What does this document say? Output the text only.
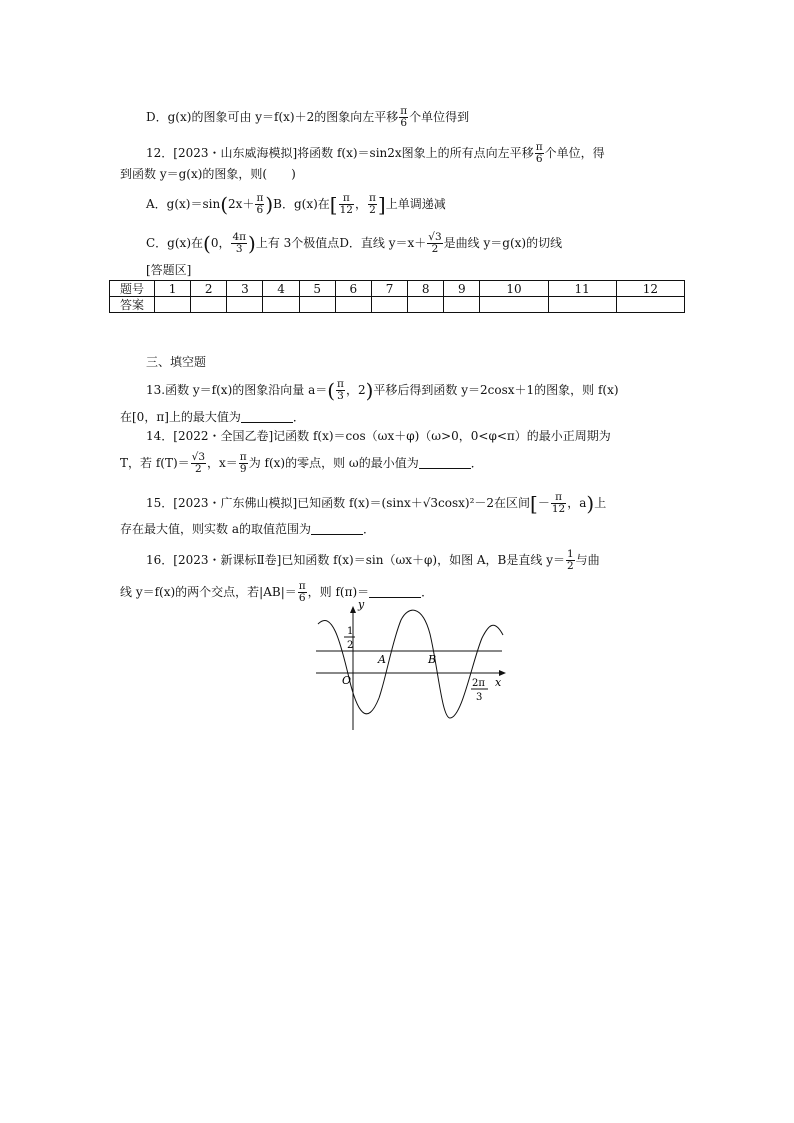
D．g(x)的图象可由 y＝f(x)＋2的图象向左平移 $\frac{\pi}{6}$ 个单位得到
12．[2023・山东威海模拟]将函数 f(x)＝sin2x图象上的所有点向左平移 $\frac{\pi}{6}$ 个单位，得
到函数 y＝g(x)的图象，则(　　)
A．$g(x)=\sin(2x+ \frac{\pi}{6} )B$．g(x)在[ $\frac{\pi}{12}$ ， $\frac{\pi}{2}$ ]上单调递减
C．g(x)在(0， $\frac{4\pi}{3}$ )上有 3个极值点D．直线 $y=x+ \frac{√3}{2}$ 是曲线 y＝g(x)的切线
[答题区]
题号	1	2	3	4	5	6	7	8	9	10	11	12
答案												
三、填空题
13.函数 y＝f(x)的图象沿向量 $a=( \frac{\pi}{3}$ ，2)平移后得到函数 y＝2cosx＋1的图象，则 f(x)
在[0，π]上的最大值为	．
14．[2022・全国乙卷]记函数 f(x)＝cos（ωx＋φ)（ω>0，0<φ<π）的最小正周期为
T，若 $f(T)= \frac{√3}{2}$ ，$x= \frac{\pi}{9}$ 为 f(x)的零点，则 ω的最小值为	．
15．[2023・广东佛山模拟]已知函数 f(x)＝(sinx＋√3cosx)²－2在区间[－ $\frac{\pi}{12}$ ，a)上
存在最大值，则实数 a的取值范围为	．
16．[2023・新课标Ⅱ卷]已知函数 f(x)＝sin（ωx＋φ)，如图 A，B是直线 $y= \frac{1}{2}$ 与曲
线 y＝f(x)的两个交点，若$|AB|= \frac{\pi}{6}$ ，则 f(π)＝	．
y
x
O
1
2
A	B
2π
3
